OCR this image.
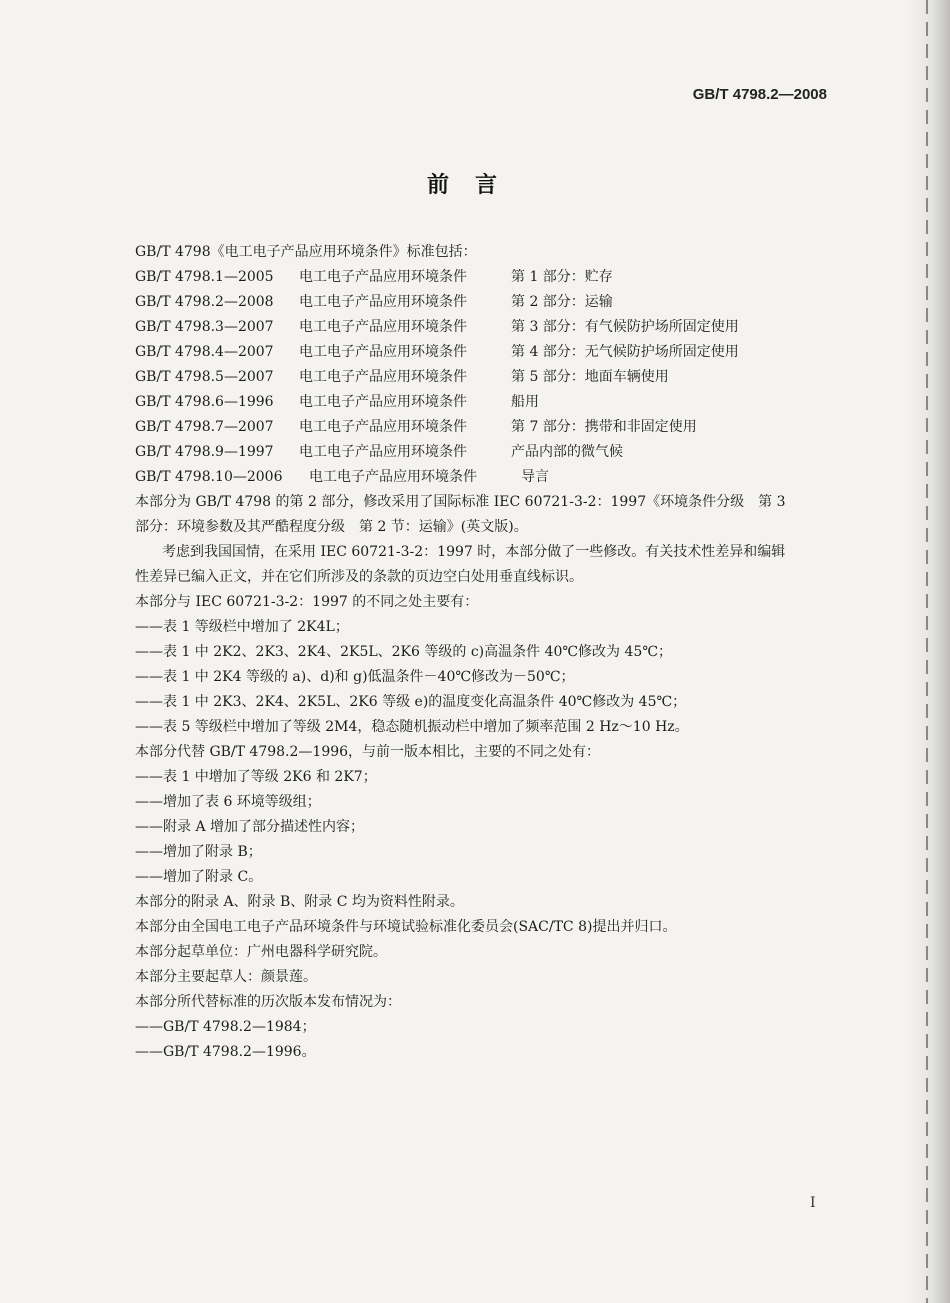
GB/T 4798.2—2008
前言
GB/T 4798《电工电子产品应用环境条件》标准包括：
GB/T 4798.1—2005	电工电子产品应用环境条件	第 1 部分：贮存
GB/T 4798.2—2008	电工电子产品应用环境条件	第 2 部分：运输
GB/T 4798.3—2007	电工电子产品应用环境条件	第 3 部分：有气候防护场所固定使用
GB/T 4798.4—2007	电工电子产品应用环境条件	第 4 部分：无气候防护场所固定使用
GB/T 4798.5—2007	电工电子产品应用环境条件	第 5 部分：地面车辆使用
GB/T 4798.6—1996	电工电子产品应用环境条件	船用
GB/T 4798.7—2007	电工电子产品应用环境条件	第 7 部分：携带和非固定使用
GB/T 4798.9—1997	电工电子产品应用环境条件	产品内部的微气候
GB/T 4798.10—2006	电工电子产品应用环境条件	导言
本部分为 GB/T 4798 的第 2 部分，修改采用了国际标准 IEC 60721-3-2：1997《环境条件分级　第 3
部分：环境参数及其严酷程度分级　第 2 节：运输》(英文版)。
考虑到我国国情，在采用 IEC 60721-3-2：1997 时，本部分做了一些修改。有关技术性差异和编辑
性差异已编入正文，并在它们所涉及的条款的页边空白处用垂直线标识。
本部分与 IEC 60721-3-2：1997 的不同之处主要有：
——表 1 等级栏中增加了 2K4L；
——表 1 中 2K2、2K3、2K4、2K5L、2K6 等级的 c)高温条件 40℃修改为 45℃；
——表 1 中 2K4 等级的 a)、d)和 g)低温条件－40℃修改为－50℃；
——表 1 中 2K3、2K4、2K5L、2K6 等级 e)的温度变化高温条件 40℃修改为 45℃；
——表 5 等级栏中增加了等级 2M4，稳态随机振动栏中增加了频率范围 2 Hz～10 Hz。
本部分代替 GB/T 4798.2—1996，与前一版本相比，主要的不同之处有：
——表 1 中增加了等级 2K6 和 2K7；
——增加了表 6 环境等级组；
——附录 A 增加了部分描述性内容；
——增加了附录 B；
——增加了附录 C。
本部分的附录 A、附录 B、附录 C 均为资料性附录。
本部分由全国电工电子产品环境条件与环境试验标准化委员会(SAC/TC 8)提出并归口。
本部分起草单位：广州电器科学研究院。
本部分主要起草人：颜景莲。
本部分所代替标准的历次版本发布情况为：
——GB/T 4798.2—1984；
——GB/T 4798.2—1996。
I
